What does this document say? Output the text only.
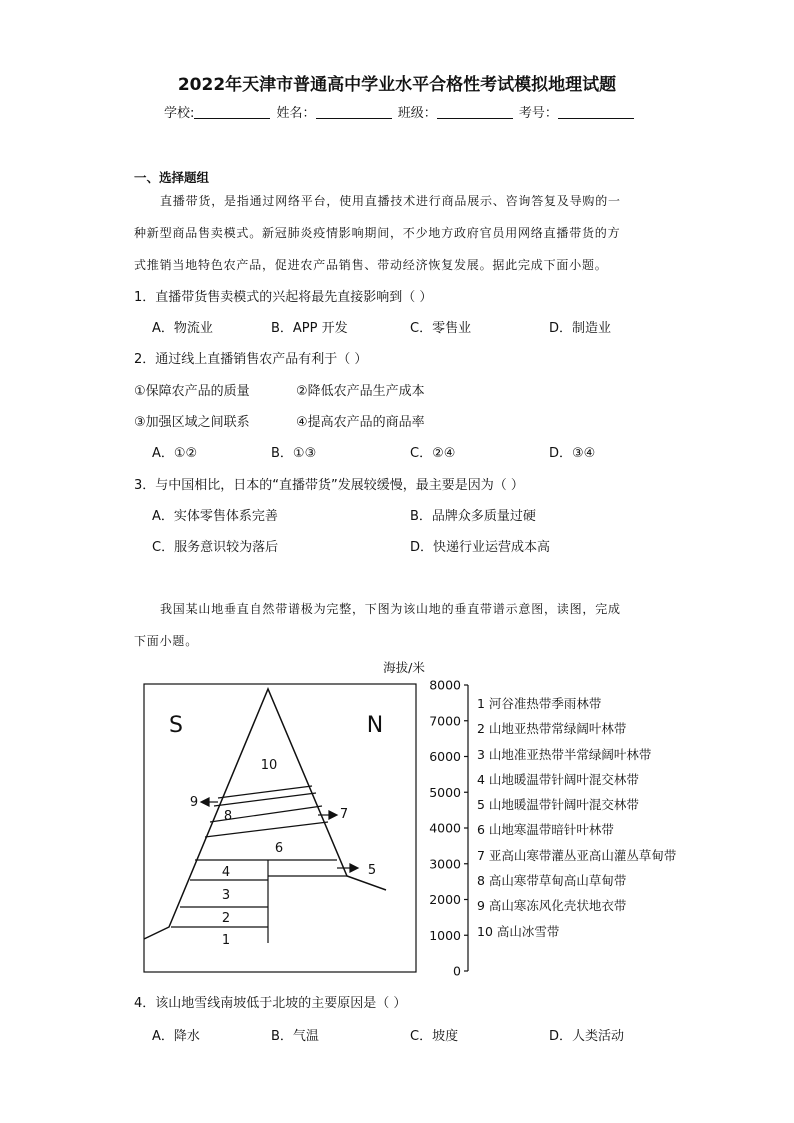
2022年天津市普通高中学业水平合格性考试模拟地理试题
学校:	姓名：	班级：	考号：
一、选择题组
直播带货，是指通过网络平台，使用直播技术进行商品展示、咨询答复及导购的一
种新型商品售卖模式。新冠肺炎疫情影响期间，不少地方政府官员用网络直播带货的方
式推销当地特色农产品，促进农产品销售、带动经济恢复发展。据此完成下面小题。
1．直播带货售卖模式的兴起将最先直接影响到（ ）
A．物流业	B．APP 开发	C．零售业	D．制造业
2．通过线上直播销售农产品有利于（ ）
①保障农产品的质量	②降低农产品生产成本
③加强区域之间联系	④提高农产品的商品率
A．①②	B．①③	C．②④	D．③④
3．与中国相比，日本的“直播带货”发展较缓慢，最主要是因为（ ）
A．实体零售体系完善	B．品牌众多质量过硬
C．服务意识较为落后	D．快递行业运营成本高
我国某山地垂直自然带谱极为完整，下图为该山地的垂直带谱示意图，读图，完成
下面小题。
S	N
1
2
3
4	5
6
7
8
9
10
海拔/米
8000
7000
6000
5000
4000
3000
2000
1000
0
1 河谷准热带季雨林带
2 山地亚热带常绿阔叶林带
3 山地准亚热带半常绿阔叶林带
4 山地暖温带针阔叶混交林带
5 山地暖温带针阔叶混交林带
6 山地寒温带暗针叶林带
7 亚高山寒带灌丛亚高山灌丛草甸带
8 高山寒带草甸高山草甸带
9 高山寒冻风化壳状地衣带
10 高山冰雪带
4．该山地雪线南坡低于北坡的主要原因是（ ）
A．降水	B．气温	C．坡度	D．人类活动
